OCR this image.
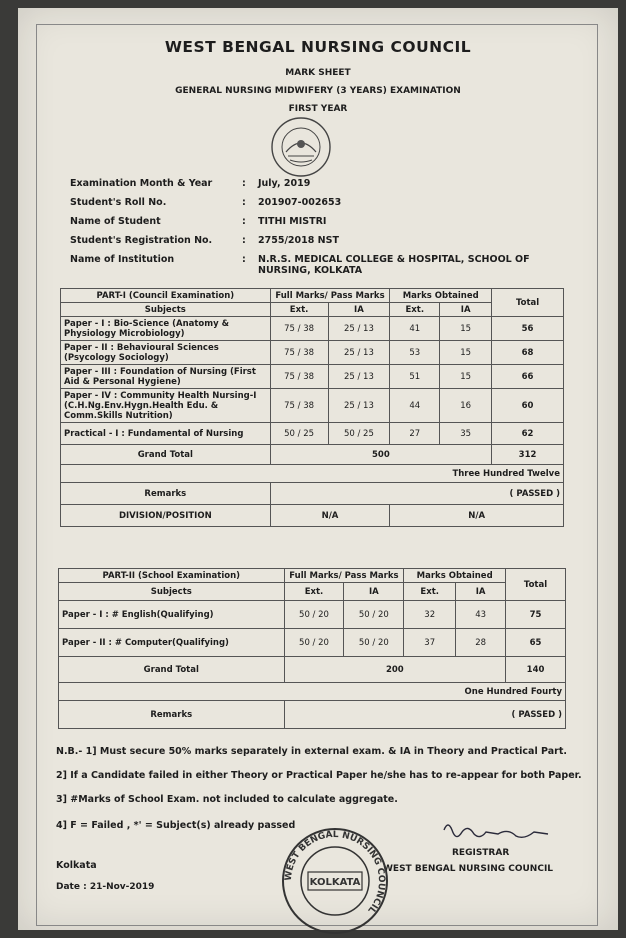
WEST BENGAL NURSING COUNCIL
MARK SHEET
GENERAL NURSING MIDWIFERY (3 YEARS) EXAMINATION
FIRST YEAR
Examination Month & Year	: July, 2019
Student's Roll No.	: 201907-002653
Name of Student	: TITHI MISTRI
Student's Registration No.	: 2755/2018 NST
Name of Institution	: N.R.S. MEDICAL COLLEGE & HOSPITAL, SCHOOL OF NURSING, KOLKATA
PART-I (Council Examination)	Full Marks/ Pass Marks		Marks Obtained		Total
Subjects	Ext.	IA	Ext.	IA	
Paper - I : Bio-Science (Anatomy & Physiology Microbiology)	75 / 38	25 / 13	41	15	56
Paper - II : Behavioural Sciences (Psycology Sociology)	75 / 38	25 / 13	53	15	68
Paper - III : Foundation of Nursing (First Aid & Personal Hygiene)	75 / 38	25 / 13	51	15	66
Paper - IV : Community Health Nursing-I (C.H.Ng.Env.Hygn.Health Edu. & Comm.Skills Nutrition)	75 / 38	25 / 13	44	16	60
Practical - I : Fundamental of Nursing	50 / 25	50 / 25	27	35	62
Grand Total	500				312
Three Hundred Twelve					
Remarks	( PASSED )				
DIVISION/POSITION	N/A		N/A		
PART-II (School Examination)	Full Marks/ Pass Marks		Marks Obtained		Total
Subjects	Ext.	IA	Ext.	IA	
Paper - I : # English(Qualifying)	50 / 20	50 / 20	32	43	75
Paper - II : # Computer(Qualifying)	50 / 20	50 / 20	37	28	65
Grand Total	200				140
One Hundred Fourty					
Remarks	( PASSED )				
N.B.- 1] Must secure 50% marks separately in external exam. & IA in Theory and Practical Part.
2] If a Candidate failed in either Theory or Practical Paper he/she has to re-appear for both Paper.
3] #Marks of School Exam. not included to calculate aggregate.
4] F = Failed , *' = Subject(s) already passed
Kolkata
Date : 21-Nov-2019
REGISTRAR
WEST BENGAL NURSING COUNCIL
KOLKATA
WEST BENGAL NURSING COUNCIL
